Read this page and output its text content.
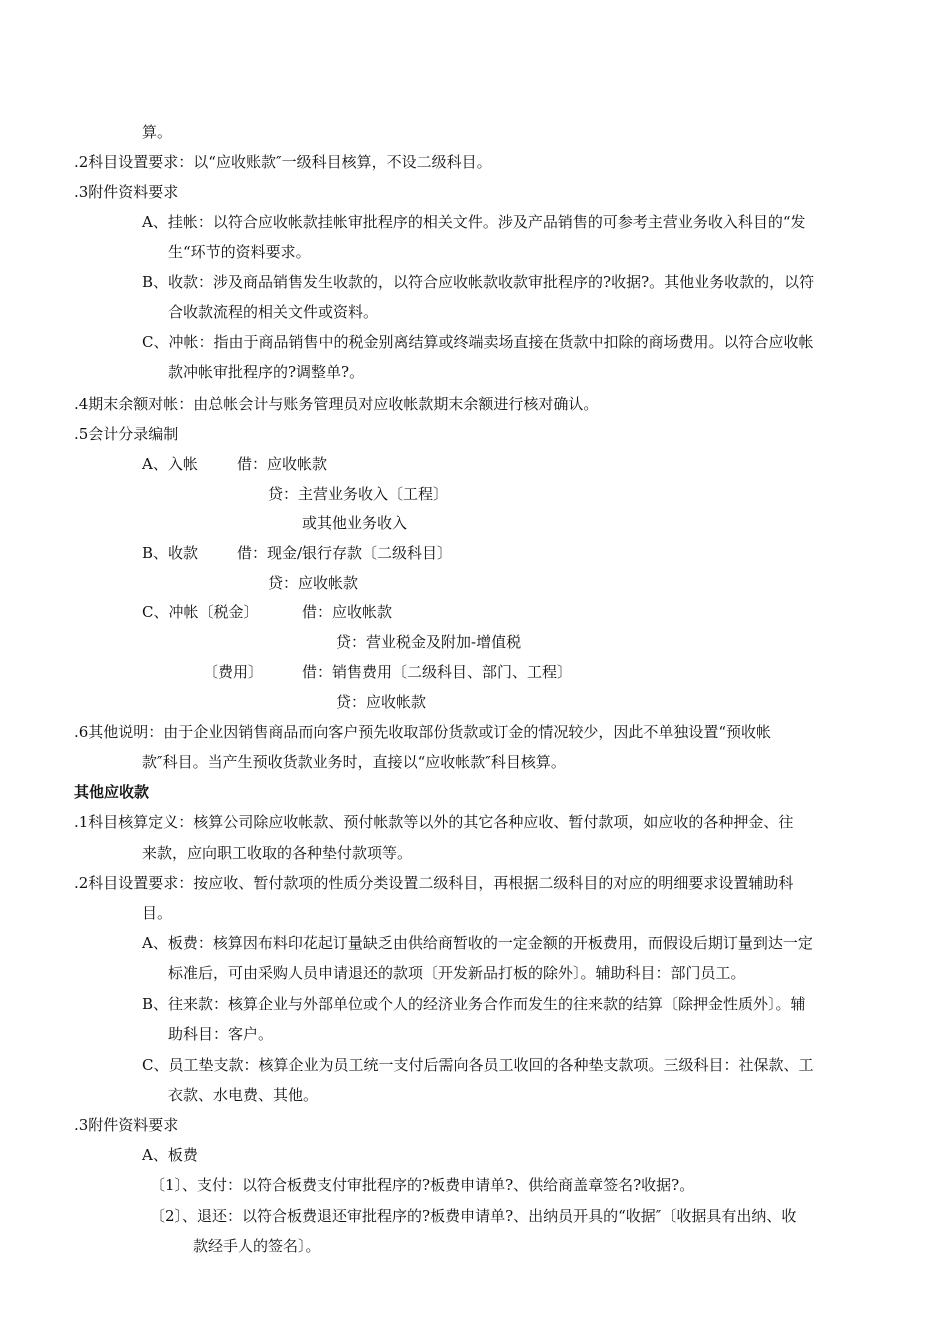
算。
.2科目设置要求：以“应收账款″一级科目核算，不设二级科目。
.3附件资料要求
A、挂帐：以符合应收帐款挂帐审批程序的相关文件。涉及产品销售的可参考主营业务收入科目的“发
生“环节的资料要求。
B、收款：涉及商品销售发生收款的，以符合应收帐款收款审批程序的?收据?。其他业务收款的，以符
合收款流程的相关文件或资料。
C、冲帐：指由于商品销售中的税金别离结算或终端卖场直接在货款中扣除的商场费用。以符合应收帐
款冲帐审批程序的?调整单?。
.4期末余额对帐：由总帐会计与账务管理员对应收帐款期末余额进行核对确认。
.5会计分录编制
A、入帐	借：应收帐款
贷：主营业务收入〔工程〕
或其他业务收入
B、收款	借：现金/银行存款〔二级科目〕
贷：应收帐款
C、冲帐〔税金〕	借：应收帐款
贷：营业税金及附加-增值税
〔费用〕	借：销售费用〔二级科目、部门、工程〕
贷：应收帐款
.6其他说明：由于企业因销售商品而向客户预先收取部份货款或订金的情况较少，因此不单独设置“预收帐
款″科目。当产生预收货款业务时，直接以“应收帐款″科目核算。
其他应收款
.1科目核算定义：核算公司除应收帐款、预付帐款等以外的其它各种应收、暂付款项，如应收的各种押金、往
来款，应向职工收取的各种垫付款项等。
.2科目设置要求：按应收、暂付款项的性质分类设置二级科目，再根据二级科目的对应的明细要求设置辅助科
目。
A、板费：核算因布料印花起订量缺乏由供给商暂收的一定金额的开板费用，而假设后期订量到达一定
标准后，可由采购人员申请退还的款项〔开发新品打板的除外〕。辅助科目：部门员工。
B、往来款：核算企业与外部单位或个人的经济业务合作而发生的往来款的结算〔除押金性质外〕。辅
助科目：客户。
C、员工垫支款：核算企业为员工统一支付后需向各员工收回的各种垫支款项。三级科目：社保款、工
衣款、水电费、其他。
.3附件资料要求
A、板费
〔1〕、支付：以符合板费支付审批程序的?板费申请单?、供给商盖章签名?收据?。
〔2〕、退还：以符合板费退还审批程序的?板费申请单?、出纳员开具的“收据″〔收据具有出纳、收
款经手人的签名〕。
